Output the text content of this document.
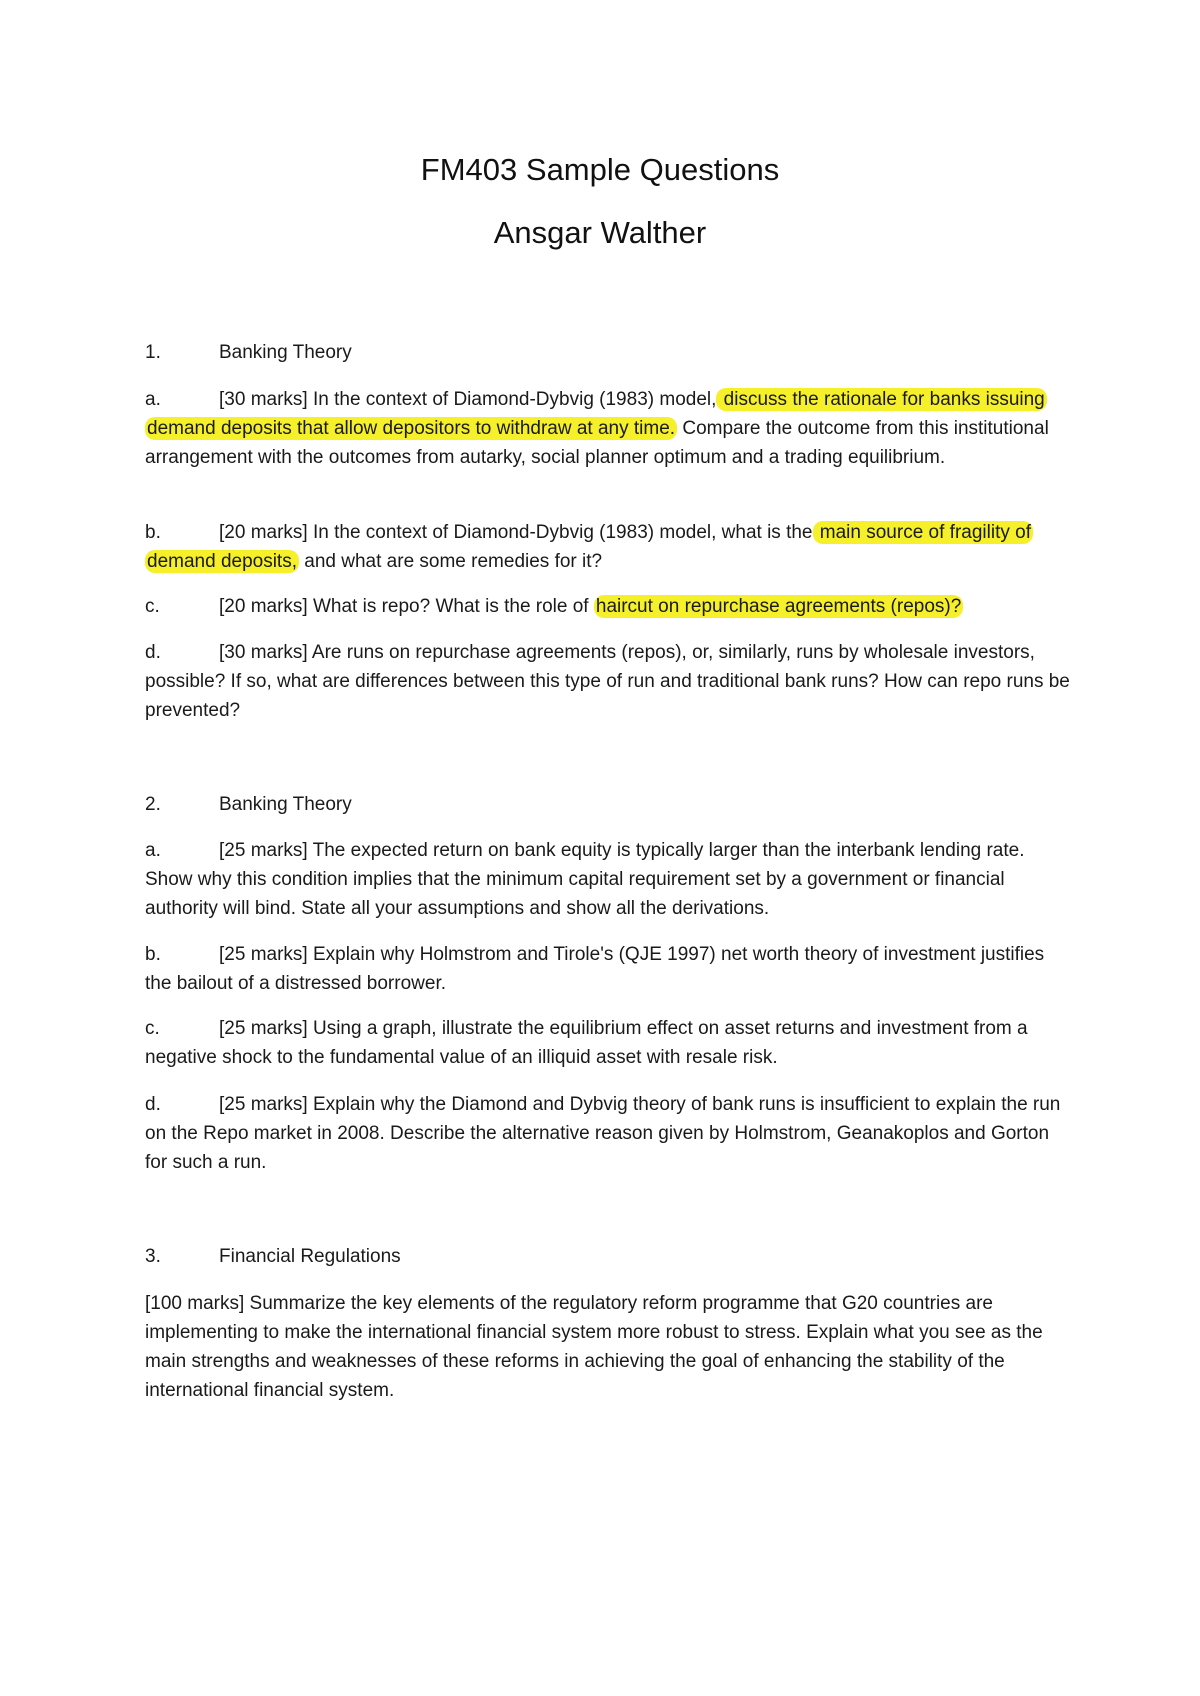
FM403 Sample Questions
Ansgar Walther

1.	Banking Theory

a.	[30 marks] In the context of Diamond-Dybvig (1983) model, discuss the rationale for banks issuing demand deposits that allow depositors to withdraw at any time. Compare the outcome from this institutional arrangement with the outcomes from autarky, social planner optimum and a trading equilibrium.

b.	[20 marks] In the context of Diamond-Dybvig (1983) model, what is the main source of fragility of demand deposits, and what are some remedies for it?

c.	[20 marks] What is repo? What is the role of haircut on repurchase agreements (repos)?

d.	[30 marks] Are runs on repurchase agreements (repos), or, similarly, runs by wholesale investors, possible? If so, what are differences between this type of run and traditional bank runs? How can repo runs be prevented?

2.	Banking Theory

a.	[25 marks] The expected return on bank equity is typically larger than the interbank lending rate. Show why this condition implies that the minimum capital requirement set by a government or financial authority will bind. State all your assumptions and show all the derivations.

b.	[25 marks] Explain why Holmstrom and Tirole's (QJE 1997) net worth theory of investment justifies the bailout of a distressed borrower.

c.	[25 marks] Using a graph, illustrate the equilibrium effect on asset returns and investment from a negative shock to the fundamental value of an illiquid asset with resale risk.

d.	[25 marks] Explain why the Diamond and Dybvig theory of bank runs is insufficient to explain the run on the Repo market in 2008. Describe the alternative reason given by Holmstrom, Geanakoplos and Gorton for such a run.

3.	Financial Regulations

[100 marks] Summarize the key elements of the regulatory reform programme that G20 countries are implementing to make the international financial system more robust to stress. Explain what you see as the main strengths and weaknesses of these reforms in achieving the goal of enhancing the stability of the international financial system.
